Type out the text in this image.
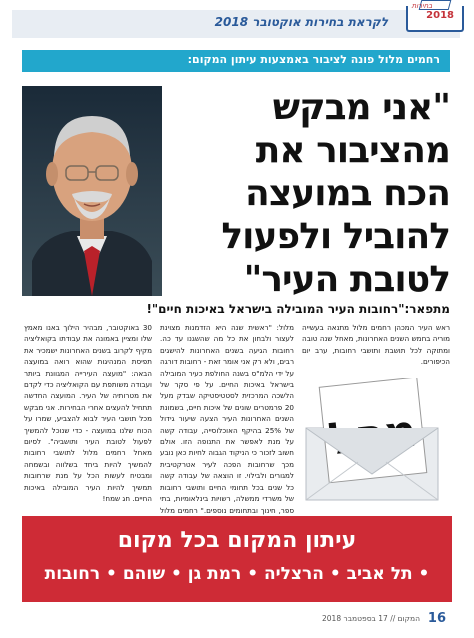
לקראת בחירות אוקטובר 2018
בחירות
2018
רחמים מלול פונה לציבור באמצעות עיתון המקום:
"אני מבקש
מהציבור את
הכח במועצה
להוביל ולפעול
לטובת העיר"
מתפאר:"רחובות העיר המובילה בישראל באיכות חיים"!

ראש העיר המכהן רחמים מלול מתנאה בעשייה מוריה בחמש השנים האחרונות, מאחל שנה טובה ומתוקה לכל תושבת ותושבי רחובות, ערב יום הכיפורים.

מלול: "ראשית שנה היא הזדמנות מצוינת לעצור ולבחון את כל מה שהשגנו עד כה. רחובות הגיעה בשנים האחרונות להישגים רבים, ולא רק אני אומר זאת - רחובות דורגה על ידי הלמ"ס בשנה החולפת כעיר המובילה בישראל באיכות החיים. על פי סקר של הלשכה המרכזית לסטטיסטיקה שבדק מעל 20 פרמטרים שונים של איכות חיים, בשמונת השנים האחרונות העיר הצעה שיעור גידול של 25% בהיקף האוכלוסייה, עבודה קשה על מנת לאפשר את התנופה הזו. אולם חשוב לזכור כי הניקוד הגבוה לחיות כאן נובע מכך שרחובות הפכה לעיר אטרקטיבית למגורים ולבילוי. זו הוצאה של עבודה קשה כל שנים בכל תחומי החיים ותושבי רחובות של משרדי ממשלה, רשויות בינלאומיות, בתי ספר, חינוך ובתחומים נוספים." רחמים מלול

30 באוקטובר, מבהיר הילוך באנו מאמץ שלו ומציין באמונה את עבודתו בקואליציה מקיף לקרוב בשנים האחרונות ישמכיר את תפיסת המנהיגות שהוא רואה במועצה הבאה: "מועצה העירייה המגוונת ביותר ועבודה משותפת עם הקואליציה כדי לקדם את מטרותיה של העיר. המועצה החדשה תתחיל להעצים אחרי הבחירות. אני מבקש מכל תושבי העיר לבוא להצביע, שמרו על הכוח שלנו במועצה - כדי שנוכל להמשיך לפעול לטובת העיר ותושביה". לסיום מאחל רחמים מלול לתושבי רחובות להמשיך להיות ביחד בשלווה ובשמחה ומבטיח לעשות הכל על מנת שרחובות תמשיך להיות העיר המובילה באיכות החיים. חג שמח!

עיתון המקום בכל מקום
• תל אביב • הרצליה • רמת גן • שוהם • רחובות
16
המקום // 17 בספטמבר 2018
